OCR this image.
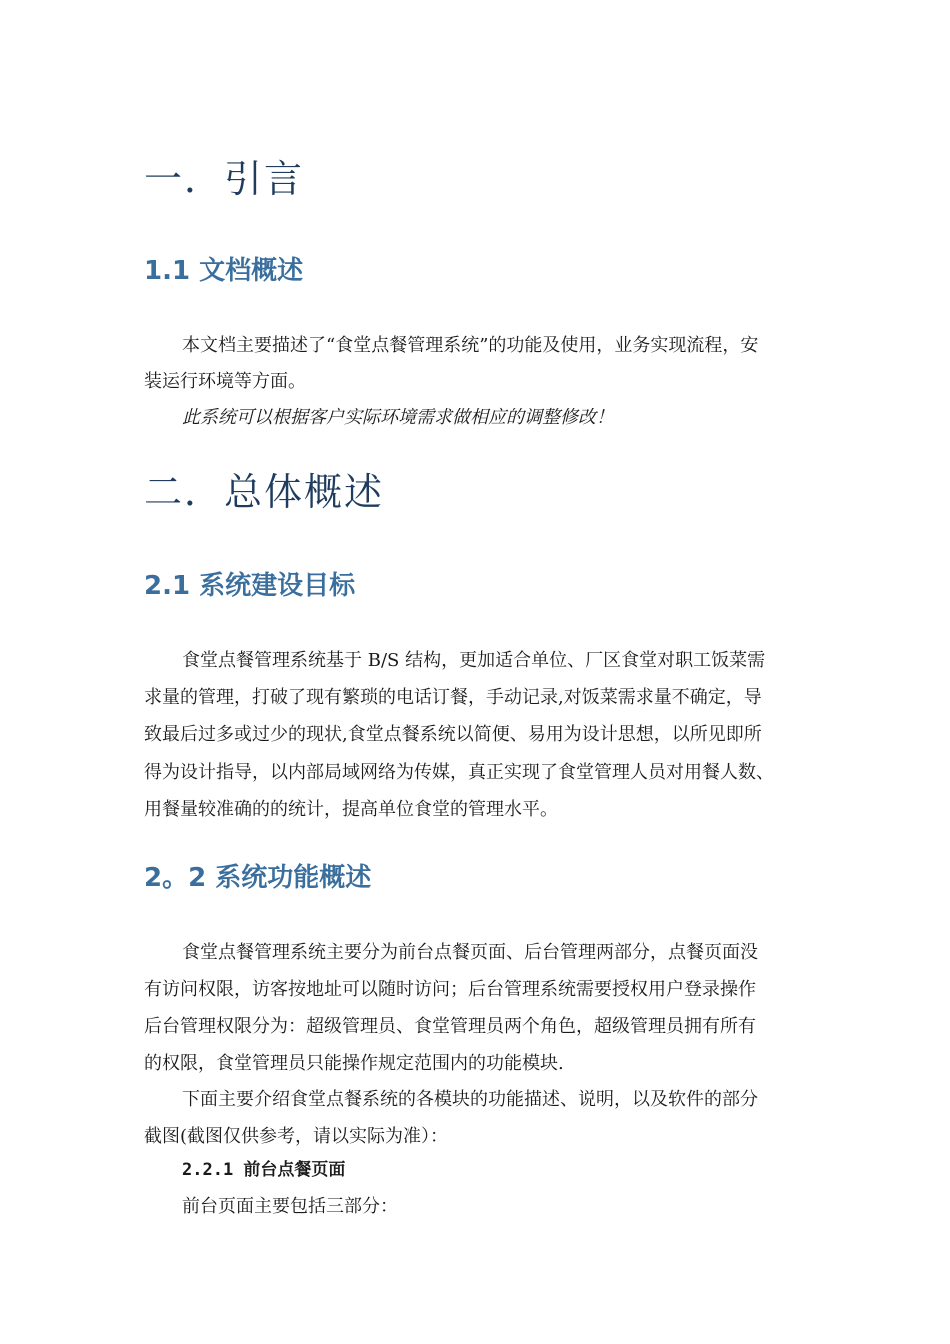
一．引言
1.1 文档概述

本文档主要描述了“食堂点餐管理系统”的功能及使用，业务实现流程，安

装运行环境等方面。

此系统可以根据客户实际环境需求做相应的调整修改！

二．总体概述
2.1 系统建设目标

食堂点餐管理系统基于 B/S 结构，更加适合单位、厂区食堂对职工饭菜需

求量的管理，打破了现有繁琐的电话订餐，手动记录,对饭菜需求量不确定，导

致最后过多或过少的现状,食堂点餐系统以简便、易用为设计思想，以所见即所

得为设计指导，以内部局域网络为传媒，真正实现了食堂管理人员对用餐人数、

用餐量较准确的的统计，提高单位食堂的管理水平。

2。2 系统功能概述

食堂点餐管理系统主要分为前台点餐页面、后台管理两部分，点餐页面没

有访问权限，访客按地址可以随时访问；后台管理系统需要授权用户登录操作

后台管理权限分为：超级管理员、食堂管理员两个角色，超级管理员拥有所有

的权限，食堂管理员只能操作规定范围内的功能模块.

下面主要介绍食堂点餐系统的各模块的功能描述、说明，以及软件的部分

截图(截图仅供参考，请以实际为准）：

2.2.1 前台点餐页面

前台页面主要包括三部分：
